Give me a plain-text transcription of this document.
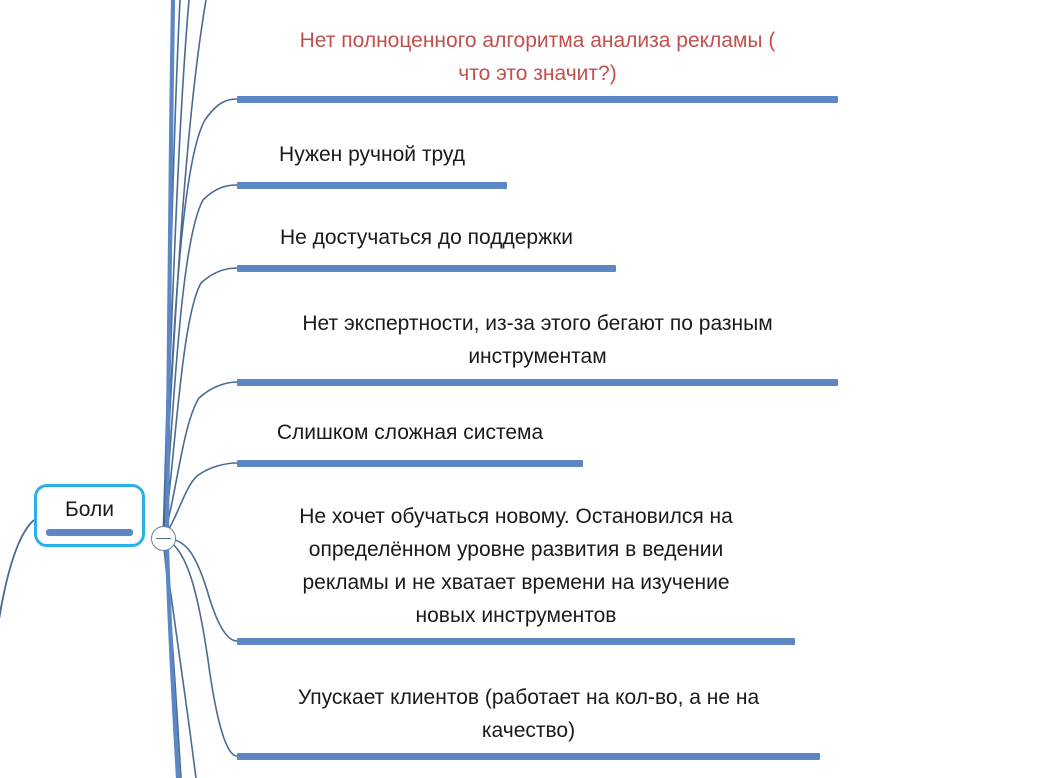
Боли
Нет полноценного алгоритма анализа рекламы (
что это значит?)
Нужен ручной труд
Не достучаться до поддержки
Нет экспертности, из-за этого бегают по разным
инструментам
Слишком сложная система
Не хочет обучаться новому. Остановился на
определённом уровне развития в ведении
рекламы и не хватает времени на изучение
новых инструментов
Упускает клиентов (работает на кол-во, а не на
качество)
